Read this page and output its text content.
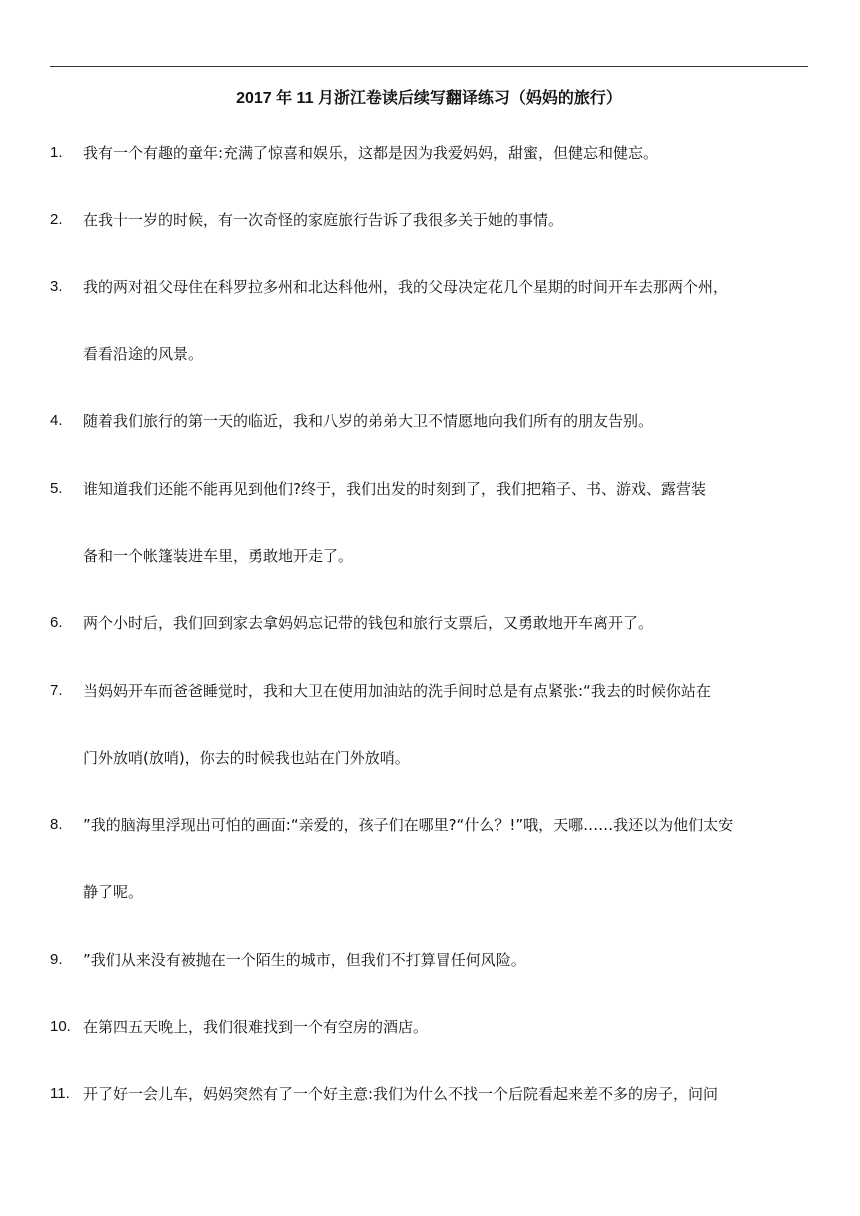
2017 年 11 月浙江卷读后续写翻译练习（妈妈的旅行）
1.	我有一个有趣的童年:充满了惊喜和娱乐，这都是因为我爱妈妈，甜蜜，但健忘和健忘。
2.	在我十一岁的时候，有一次奇怪的家庭旅行告诉了我很多关于她的事情。
3.	我的两对祖父母住在科罗拉多州和北达科他州，我的父母决定花几个星期的时间开车去那两个州，
看看沿途的风景。
4.	随着我们旅行的第一天的临近，我和八岁的弟弟大卫不情愿地向我们所有的朋友告别。
5.	谁知道我们还能不能再见到他们?终于，我们出发的时刻到了，我们把箱子、书、游戏、露营装
备和一个帐篷装进车里，勇敢地开走了。
6.	两个小时后，我们回到家去拿妈妈忘记带的钱包和旅行支票后，又勇敢地开车离开了。
7.	当妈妈开车而爸爸睡觉时，我和大卫在使用加油站的洗手间时总是有点紧张:“我去的时候你站在
门外放哨(放哨)，你去的时候我也站在门外放哨。
8.	”我的脑海里浮现出可怕的画面:“亲爱的，孩子们在哪里?“什么？!”哦，天哪……我还以为他们太安
静了呢。
9.	”我们从来没有被抛在一个陌生的城市，但我们不打算冒任何风险。
10. 在第四五天晚上，我们很难找到一个有空房的酒店。
11. 开了好一会儿车，妈妈突然有了一个好主意:我们为什么不找一个后院看起来差不多的房子，问问
